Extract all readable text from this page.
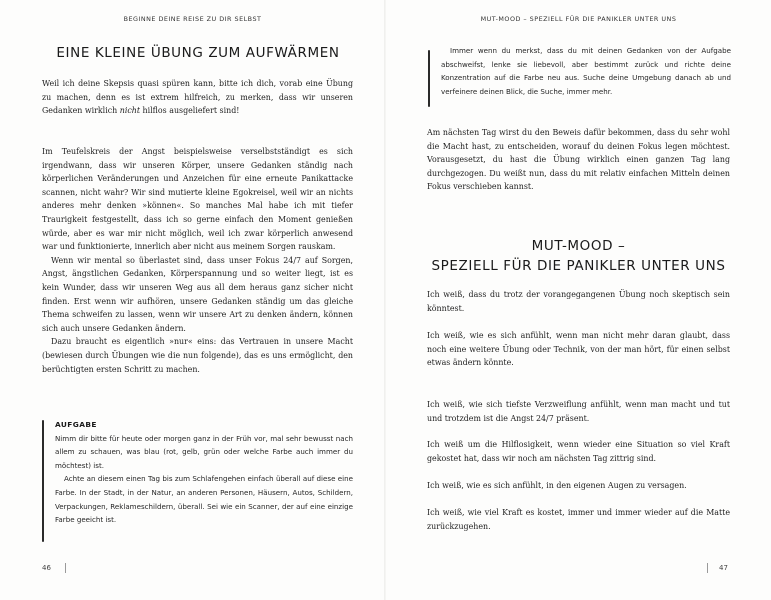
BEGINNE DEINE REISE ZU DIR SELBST
EINE KLEINE ÜBUNG ZUM AUFWÄRMEN

Weil ich deine Skepsis quasi spüren kann, bitte ich dich, vorab eine Übung zu machen, denn es ist extrem hilfreich, zu merken, dass wir unseren Gedanken wirklich nicht hilflos ausgeliefert sind!

Im Teufelskreis der Angst beispielsweise verselbstständigt es sich irgendwann, dass wir unseren Körper, unsere Gedanken ständig nach körperlichen Veränderungen und Anzeichen für eine erneute Panikattacke scannen, nicht wahr? Wir sind mutierte kleine Egokreisel, weil wir an nichts anderes mehr denken »können«. So manches Mal habe ich mit tiefer Traurigkeit festgestellt, dass ich so gerne einfach den Moment genießen würde, aber es war mir nicht möglich, weil ich zwar körperlich anwesend war und funktionierte, innerlich aber nicht aus meinem Sorgen rauskam.

Wenn wir mental so überlastet sind, dass unser Fokus 24/7 auf Sorgen, Angst, ängstlichen Gedanken, Körperspannung und so weiter liegt, ist es kein Wunder, dass wir unseren Weg aus all dem heraus ganz sicher nicht finden. Erst wenn wir aufhören, unsere Gedanken ständig um das gleiche Thema schweifen zu lassen, wenn wir unsere Art zu denken ändern, können sich auch unsere Gedanken ändern.

Dazu braucht es eigentlich »nur« eins: das Vertrauen in unsere Macht (bewiesen durch Übungen wie die nun folgende), das es uns ermöglicht, den berüchtigten ersten Schritt zu machen.

AUFGABE

Nimm dir bitte für heute oder morgen ganz in der Früh vor, mal sehr bewusst nach allem zu schauen, was blau (rot, gelb, grün oder welche Farbe auch immer du möchtest) ist.

Achte an diesem einen Tag bis zum Schlafengehen einfach überall auf diese eine Farbe. In der Stadt, in der Natur, an anderen Personen, Häusern, Autos, Schildern, Verpackungen, Reklameschildern, überall. Sei wie ein Scanner, der auf eine einzige Farbe geeicht ist.

46
MUT-MOOD – SPEZIELL FÜR DIE PANIKLER UNTER UNS

Immer wenn du merkst, dass du mit deinen Gedanken von der Aufgabe abschweifst, lenke sie liebevoll, aber bestimmt zurück und richte deine Konzentration auf die Farbe neu aus. Suche deine Umgebung danach ab und verfeinere deinen Blick, die Suche, immer mehr.

Am nächsten Tag wirst du den Beweis dafür bekommen, dass du sehr wohl die Macht hast, zu entscheiden, worauf du deinen Fokus legen möchtest. Vorausgesetzt, du hast die Übung wirklich einen ganzen Tag lang durchgezogen. Du weißt nun, dass du mit relativ einfachen Mitteln deinen Fokus verschieben kannst.

MUT-MOOD –
SPEZIELL FÜR DIE PANIKLER UNTER UNS

Ich weiß, dass du trotz der vorangegangenen Übung noch skeptisch sein könntest.

Ich weiß, wie es sich anfühlt, wenn man nicht mehr daran glaubt, dass noch eine weitere Übung oder Technik, von der man hört, für einen selbst etwas ändern könnte.

Ich weiß, wie sich tiefste Verzweiflung anfühlt, wenn man macht und tut und trotzdem ist die Angst 24/7 präsent.

Ich weiß um die Hilflosigkeit, wenn wieder eine Situation so viel Kraft gekostet hat, dass wir noch am nächsten Tag zittrig sind.

Ich weiß, wie es sich anfühlt, in den eigenen Augen zu versagen.

Ich weiß, wie viel Kraft es kostet, immer und immer wieder auf die Matte zurückzugehen.

47
